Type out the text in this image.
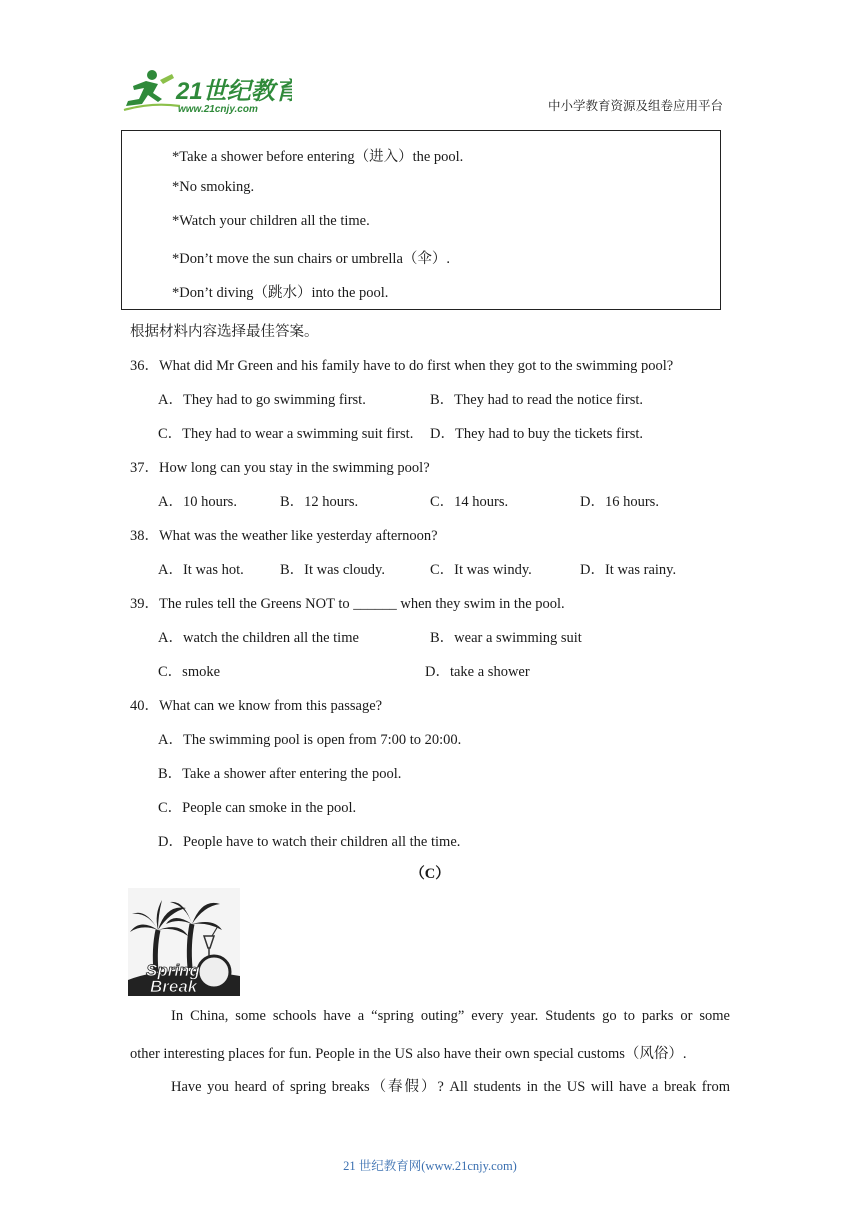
21世纪教育
www.21cnjy.com	中小学教育资源及组卷应用平台
*Take a shower before entering（进入）the pool.
*No smoking.
*Watch your children all the time.
*Don’t move the sun chairs or umbrella（伞）.
*Don’t diving（跳水）into the pool.
根据材料内容选择最佳答案。
36．What did Mr Green and his family have to do first when they got to the swimming pool?
A．They had to go swimming first.	B．They had to read the notice first.
C．They had to wear a swimming suit first. D．They had to buy the tickets first.
37．How long can you stay in the swimming pool?
A．10 hours.	B．12 hours.	C．14 hours.	D．16 hours.
38．What was the weather like yesterday afternoon?
A．It was hot. B．It was cloudy.	C．It was windy.	D．It was rainy.
39．The rules tell the Greens NOT to ______ when they swim in the pool.
A．watch the children all the time	B．wear a swimming suit
C．smoke	D．take a shower
40．What can we know from this passage?
A．The swimming pool is open from 7:00 to 20:00.
B．Take a shower after entering the pool.
C．People can smoke in the pool.
D．People have to watch their children all the time.
（C）
Spring
Break
In China, some schools have a “spring outing” every year. Students go to parks or some
other interesting places for fun. People in the US also have their own special customs（风俗）.
Have you heard of spring breaks（春假）? All students in the US will have a break from
21 世纪教育网(www.21cnjy.com)
